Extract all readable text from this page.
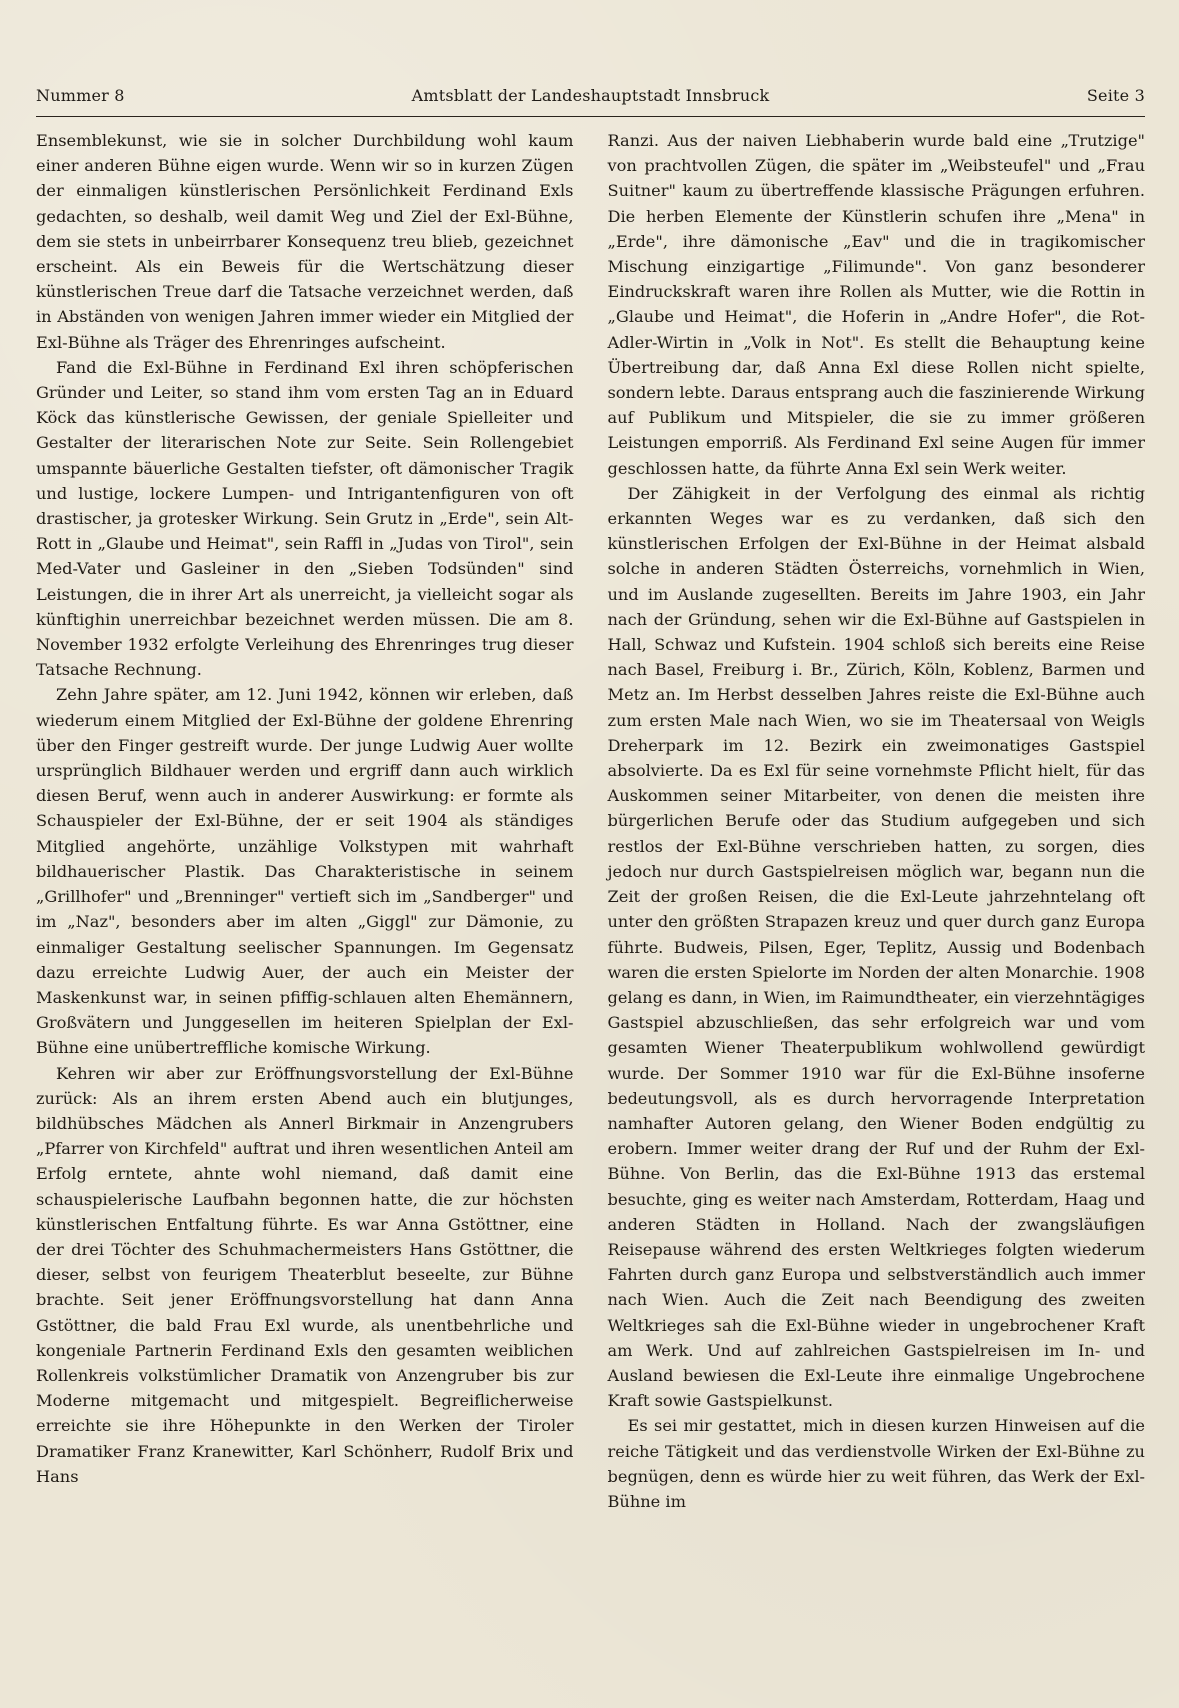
Nummer 8	Amtsblatt der Landeshauptstadt Innsbruck	Seite 3

Ensemblekunst, wie sie in solcher Durchbildung wohl kaum einer anderen Bühne eigen wurde. Wenn wir so in kurzen Zügen der einmaligen künstlerischen Persönlichkeit Ferdinand Exls gedachten, so deshalb, weil damit Weg und Ziel der Exl-Bühne, dem sie stets in unbeirrbarer Konsequenz treu blieb, gezeichnet erscheint. Als ein Beweis für die Wertschätzung dieser künstlerischen Treue darf die Tatsache verzeichnet werden, daß in Abständen von wenigen Jahren immer wieder ein Mitglied der Exl-Bühne als Träger des Ehrenringes aufscheint.

Fand die Exl-Bühne in Ferdinand Exl ihren schöpferischen Gründer und Leiter, so stand ihm vom ersten Tag an in Eduard Köck das künstlerische Gewissen, der geniale Spielleiter und Gestalter der literarischen Note zur Seite. Sein Rollengebiet umspannte bäuerliche Gestalten tiefster, oft dämonischer Tragik und lustige, lockere Lumpen- und Intrigantenfiguren von oft drastischer, ja grotesker Wirkung. Sein Grutz in „Erde", sein Alt-Rott in „Glaube und Heimat", sein Raffl in „Judas von Tirol", sein Med-Vater und Gasleiner in den „Sieben Todsünden" sind Leistungen, die in ihrer Art als unerreicht, ja vielleicht sogar als künftighin unerreichbar bezeichnet werden müssen. Die am 8. November 1932 erfolgte Verleihung des Ehrenringes trug dieser Tatsache Rechnung.

Zehn Jahre später, am 12. Juni 1942, können wir erleben, daß wiederum einem Mitglied der Exl-Bühne der goldene Ehrenring über den Finger gestreift wurde. Der junge Ludwig Auer wollte ursprünglich Bildhauer werden und ergriff dann auch wirklich diesen Beruf, wenn auch in anderer Auswirkung: er formte als Schauspieler der Exl-Bühne, der er seit 1904 als ständiges Mitglied angehörte, unzählige Volkstypen mit wahrhaft bildhauerischer Plastik. Das Charakteristische in seinem „Grillhofer" und „Brenninger" vertieft sich im „Sandberger" und im „Naz", besonders aber im alten „Giggl" zur Dämonie, zu einmaliger Gestaltung seelischer Spannungen. Im Gegensatz dazu erreichte Ludwig Auer, der auch ein Meister der Maskenkunst war, in seinen pfiffig-schlauen alten Ehemännern, Großvätern und Junggesellen im heiteren Spielplan der Exl-Bühne eine unübertreffliche komische Wirkung.

Kehren wir aber zur Eröffnungsvorstellung der Exl-Bühne zurück: Als an ihrem ersten Abend auch ein blutjunges, bildhübsches Mädchen als Annerl Birkmair in Anzengrubers „Pfarrer von Kirchfeld" auftrat und ihren wesentlichen Anteil am Erfolg erntete, ahnte wohl niemand, daß damit eine schauspielerische Laufbahn begonnen hatte, die zur höchsten künstlerischen Entfaltung führte. Es war Anna Gstöttner, eine der drei Töchter des Schuhmachermeisters Hans Gstöttner, die dieser, selbst von feurigem Theaterblut beseelte, zur Bühne brachte. Seit jener Eröffnungsvorstellung hat dann Anna Gstöttner, die bald Frau Exl wurde, als unentbehrliche und kongeniale Partnerin Ferdinand Exls den gesamten weiblichen Rollenkreis volkstümlicher Dramatik von Anzengruber bis zur Moderne mitgemacht und mitgespielt. Begreiflicherweise erreichte sie ihre Höhepunkte in den Werken der Tiroler Dramatiker Franz Kranewitter, Karl Schönherr, Rudolf Brix und Hans

Ranzi. Aus der naiven Liebhaberin wurde bald eine „Trutzige" von prachtvollen Zügen, die später im „Weibsteufel" und „Frau Suitner" kaum zu übertreffende klassische Prägungen erfuhren. Die herben Elemente der Künstlerin schufen ihre „Mena" in „Erde", ihre dämonische „Eav" und die in tragikomischer Mischung einzigartige „Filimunde". Von ganz besonderer Eindruckskraft waren ihre Rollen als Mutter, wie die Rottin in „Glaube und Heimat", die Hoferin in „Andre Hofer", die Rot-Adler-Wirtin in „Volk in Not". Es stellt die Behauptung keine Übertreibung dar, daß Anna Exl diese Rollen nicht spielte, sondern lebte. Daraus entsprang auch die faszinierende Wirkung auf Publikum und Mitspieler, die sie zu immer größeren Leistungen emporriß. Als Ferdinand Exl seine Augen für immer geschlossen hatte, da führte Anna Exl sein Werk weiter.

Der Zähigkeit in der Verfolgung des einmal als richtig erkannten Weges war es zu verdanken, daß sich den künstlerischen Erfolgen der Exl-Bühne in der Heimat alsbald solche in anderen Städten Österreichs, vornehmlich in Wien, und im Auslande zugesellten. Bereits im Jahre 1903, ein Jahr nach der Gründung, sehen wir die Exl-Bühne auf Gastspielen in Hall, Schwaz und Kufstein. 1904 schloß sich bereits eine Reise nach Basel, Freiburg i. Br., Zürich, Köln, Koblenz, Barmen und Metz an. Im Herbst desselben Jahres reiste die Exl-Bühne auch zum ersten Male nach Wien, wo sie im Theatersaal von Weigls Dreherpark im 12. Bezirk ein zweimonatiges Gastspiel absolvierte. Da es Exl für seine vornehmste Pflicht hielt, für das Auskommen seiner Mitarbeiter, von denen die meisten ihre bürgerlichen Berufe oder das Studium aufgegeben und sich restlos der Exl-Bühne verschrieben hatten, zu sorgen, dies jedoch nur durch Gastspielreisen möglich war, begann nun die Zeit der großen Reisen, die die Exl-Leute jahrzehntelang oft unter den größten Strapazen kreuz und quer durch ganz Europa führte. Budweis, Pilsen, Eger, Teplitz, Aussig und Bodenbach waren die ersten Spielorte im Norden der alten Monarchie. 1908 gelang es dann, in Wien, im Raimundtheater, ein vierzehntägiges Gastspiel abzuschließen, das sehr erfolgreich war und vom gesamten Wiener Theaterpublikum wohlwollend gewürdigt wurde. Der Sommer 1910 war für die Exl-Bühne insoferne bedeutungsvoll, als es durch hervorragende Interpretation namhafter Autoren gelang, den Wiener Boden endgültig zu erobern. Immer weiter drang der Ruf und der Ruhm der Exl-Bühne. Von Berlin, das die Exl-Bühne 1913 das erstemal besuchte, ging es weiter nach Amsterdam, Rotterdam, Haag und anderen Städten in Holland. Nach der zwangsläufigen Reisepause während des ersten Weltkrieges folgten wiederum Fahrten durch ganz Europa und selbstverständlich auch immer nach Wien. Auch die Zeit nach Beendigung des zweiten Weltkrieges sah die Exl-Bühne wieder in ungebrochener Kraft am Werk. Und auf zahlreichen Gastspielreisen im In- und Ausland bewiesen die Exl-Leute ihre einmalige Ungebrochene Kraft sowie Gastspielkunst.

Es sei mir gestattet, mich in diesen kurzen Hinweisen auf die reiche Tätigkeit und das verdienstvolle Wirken der Exl-Bühne zu begnügen, denn es würde hier zu weit führen, das Werk der Exl-Bühne im
